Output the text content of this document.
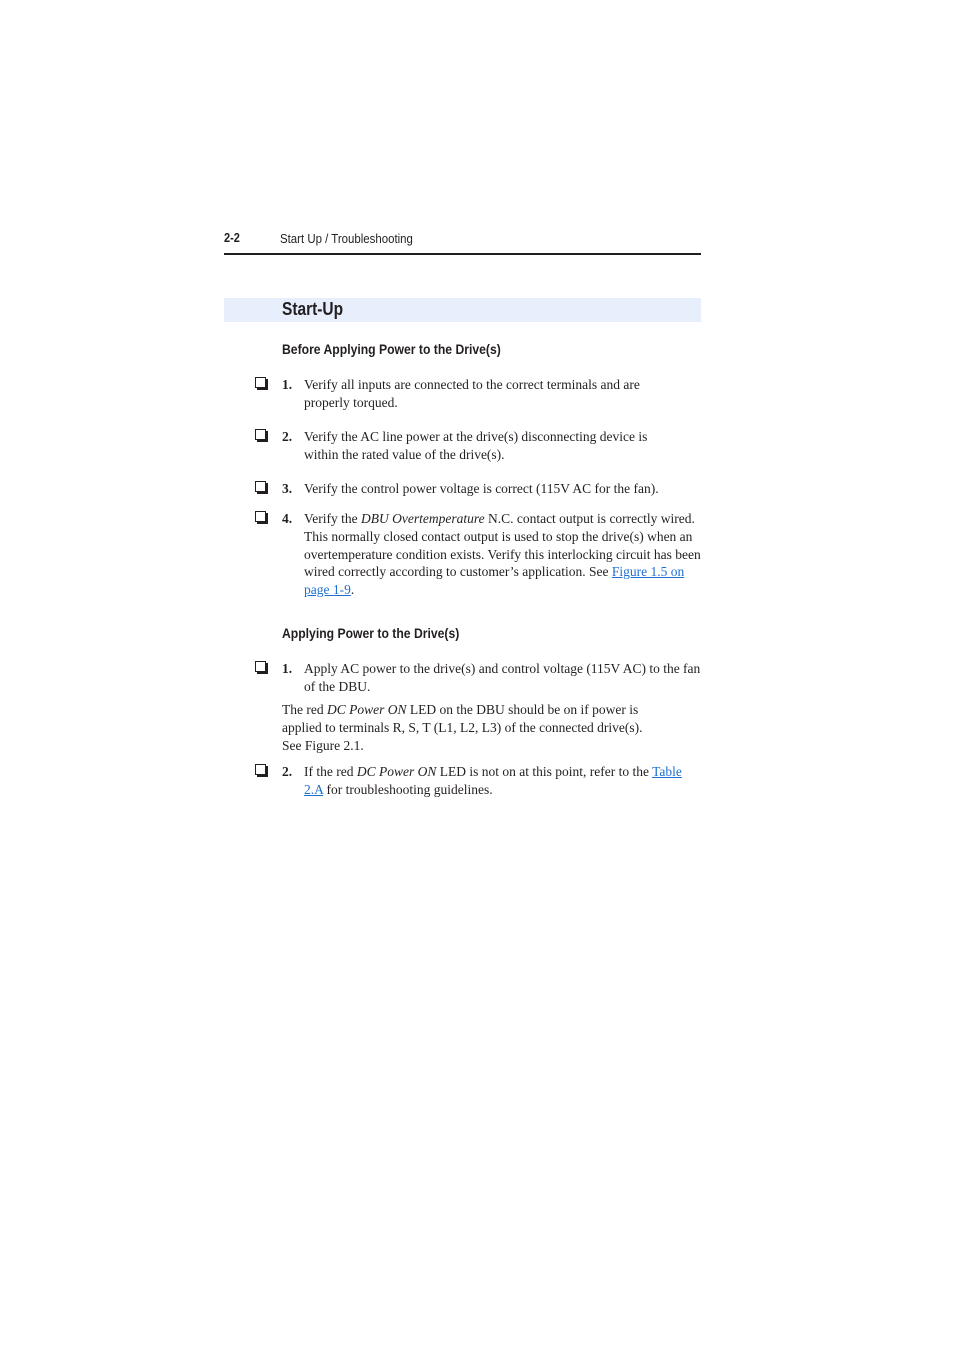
2-2	Start Up / Troubleshooting
Start-Up
Before Applying Power to the Drive(s)
1. Verify all inputs are connected to the correct terminals and are properly torqued.
2. Verify the AC line power at the drive(s) disconnecting device is within the rated value of the drive(s).
3. Verify the control power voltage is correct (115V AC for the fan).
4. Verify the DBU Overtemperature N.C. contact output is correctly wired. This normally closed contact output is used to stop the drive(s) when an overtemperature condition exists. Verify this interlocking circuit has been wired correctly according to customer’s application. See Figure 1.5 on page 1-9.
Applying Power to the Drive(s)
1. Apply AC power to the drive(s) and control voltage (115V AC) to the fan of the DBU.
The red DC Power ON LED on the DBU should be on if power is applied to terminals R, S, T (L1, L2, L3) of the connected drive(s).
See Figure 2.1.
2. If the red DC Power ON LED is not on at this point, refer to the Table 2.A for troubleshooting guidelines.
